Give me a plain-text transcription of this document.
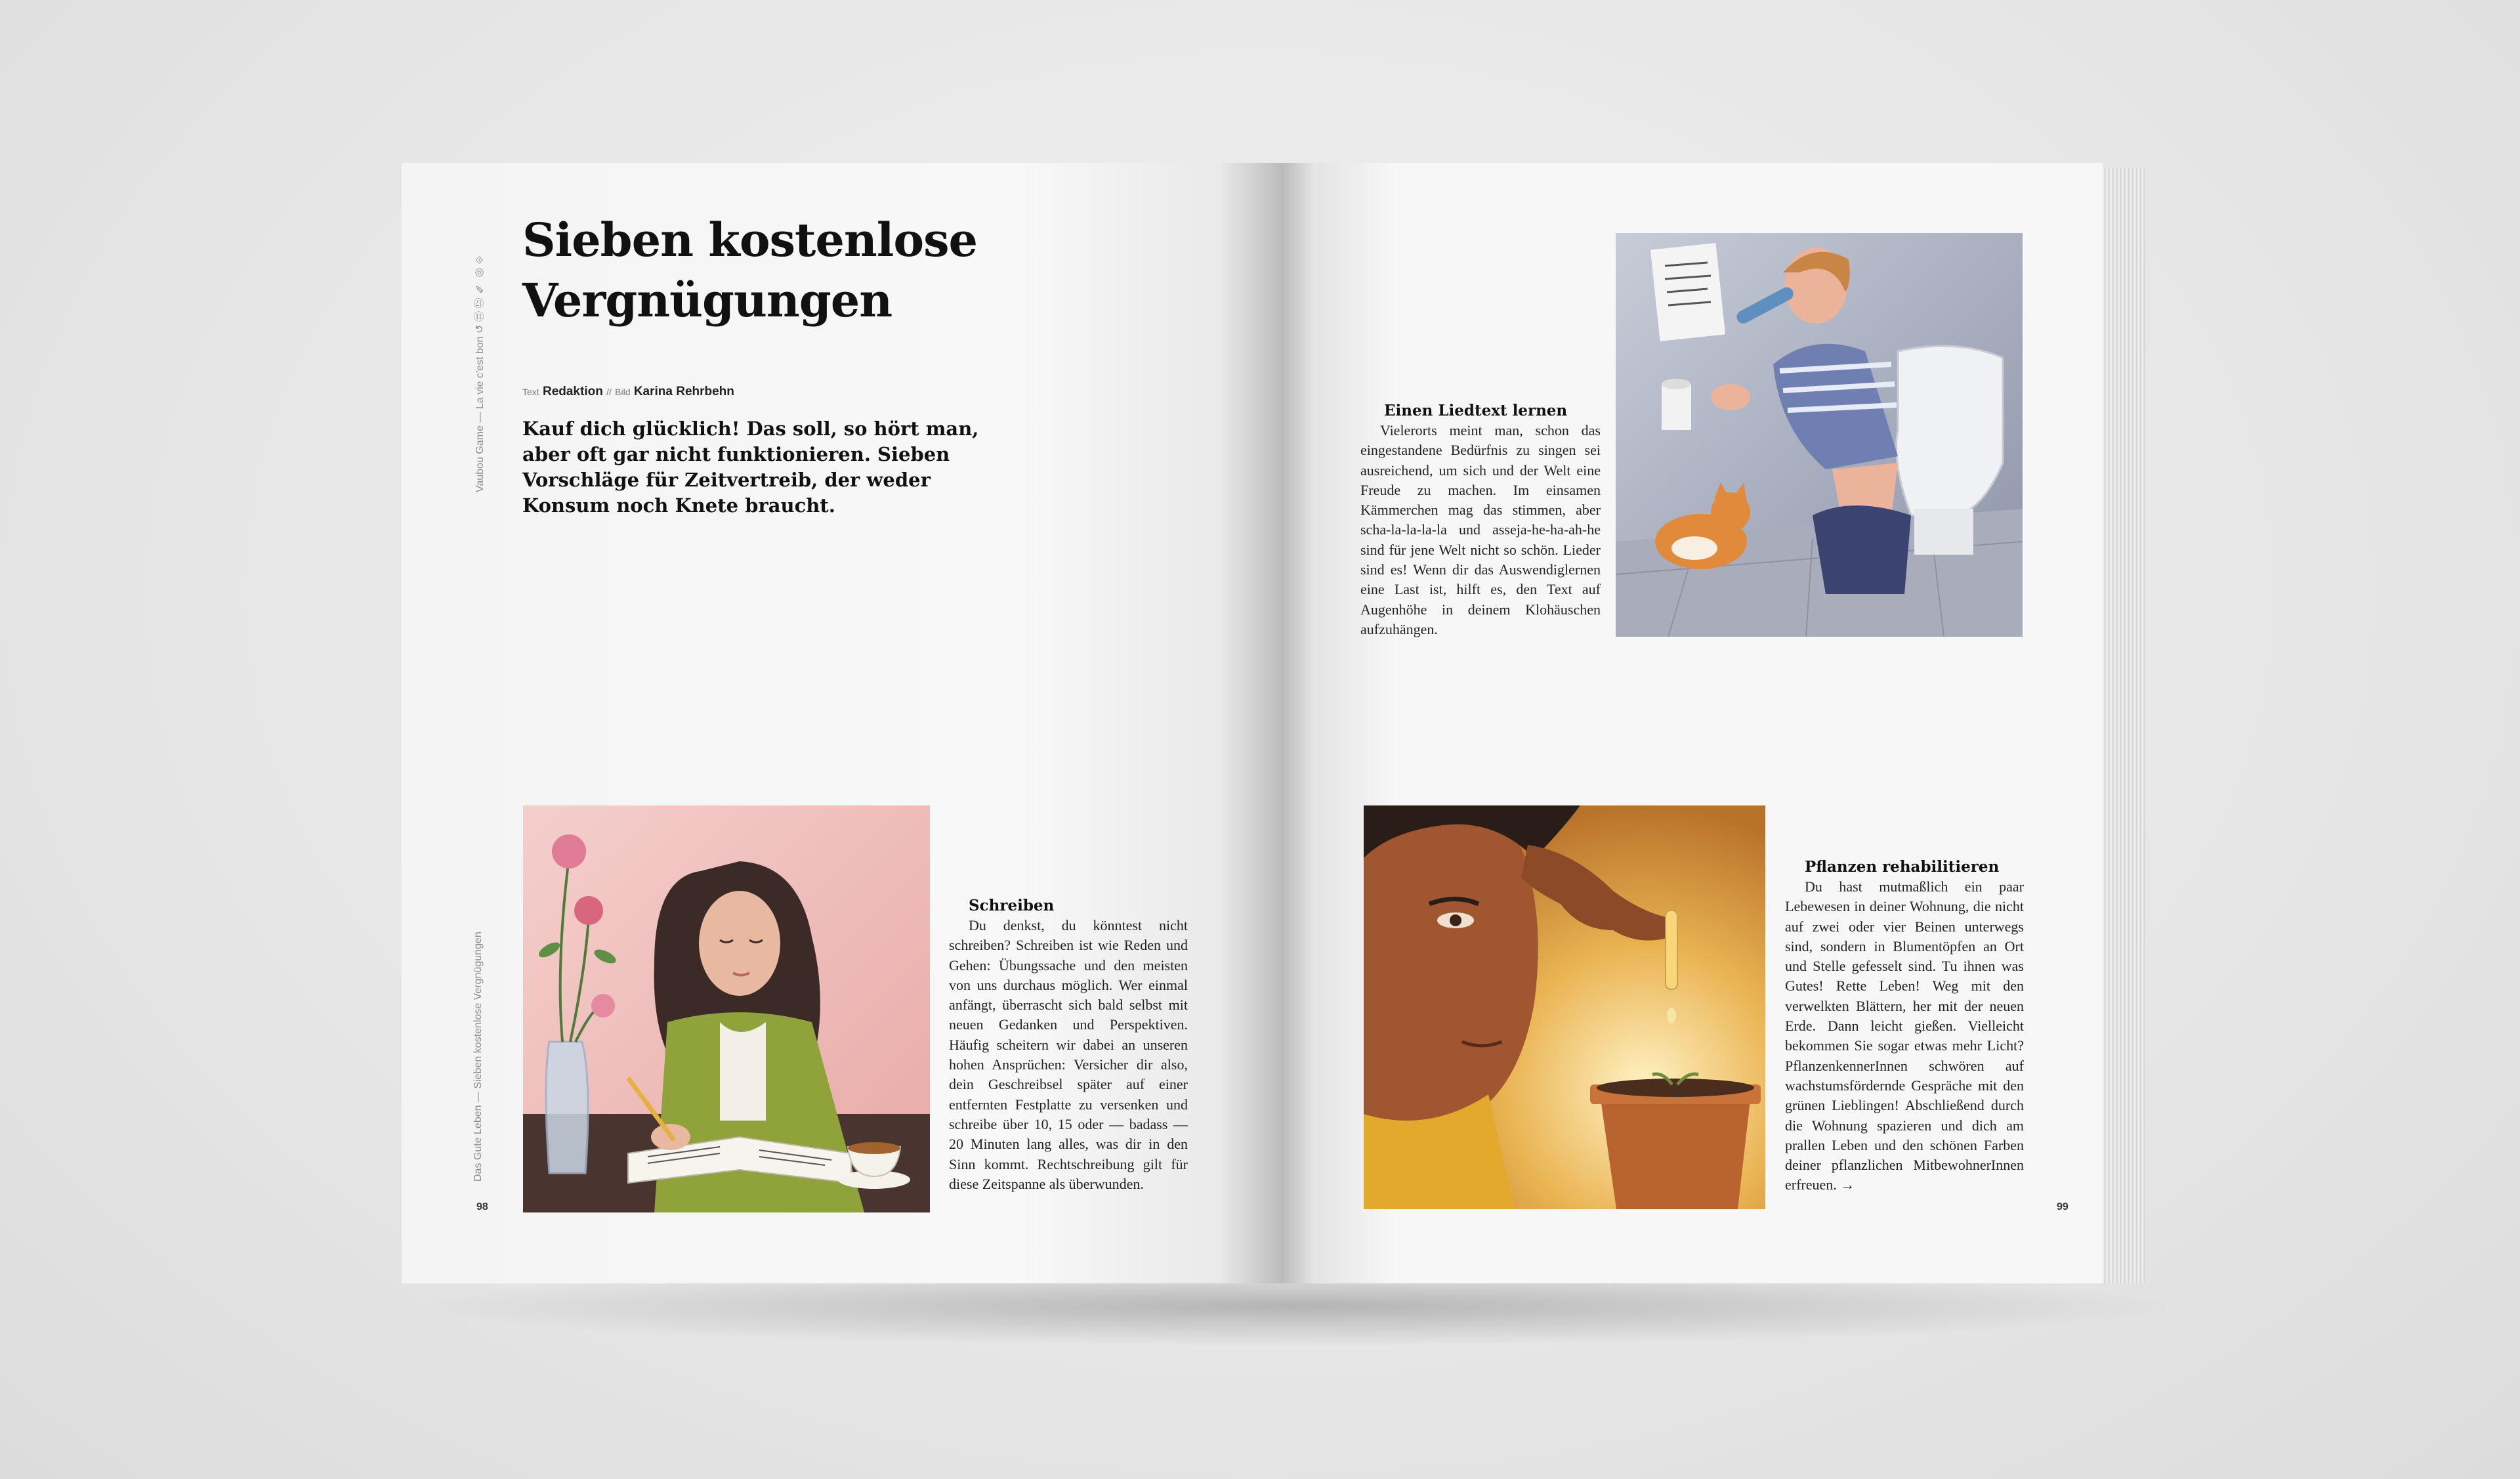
Vaubou Game — La vie c'est bon ↺ ⑪ ⑰ ✎ ◎ ⟐
Das Gute Leben — Sieben kostenlose Vergnügungen
98
Sieben kostenlose
Vergnügungen
Text Redaktion // Bild Karina Rehrbehn
Kauf dich glücklich! Das soll, so hört man, aber oft gar nicht funktionieren. Sieben Vorschläge für Zeitvertreib, der weder Konsum noch Knete braucht.
Schreiben
Du denkst, du könntest nicht schreiben? Schreiben ist wie Reden und Gehen: Übungssache und den meisten von uns durchaus möglich. Wer einmal anfängt, überrascht sich bald selbst mit neuen Gedanken und Perspektiven. Häufig scheitern wir dabei an unseren hohen Ansprüchen: Versicher dir also, dein Geschreibsel später auf einer entfernten Festplatte zu versenken und schreibe über 10, 15 oder — badass — 20 Minuten lang alles, was dir in den Sinn kommt. Rechtschreibung gilt für diese Zeitspanne als überwunden.
Einen Liedtext lernen
Vielerorts meint man, schon das eingestandene Bedürfnis zu singen sei ausreichend, um sich und der Welt eine Freude zu machen. Im einsamen Kämmerchen mag das stimmen, aber scha-la-la-la-la und asseja-he-ha-ah-he sind für jene Welt nicht so schön. Lieder sind es! Wenn dir das Auswendiglernen eine Last ist, hilft es, den Text auf Augenhöhe in deinem Klohäuschen aufzuhängen.
Pflanzen rehabilitieren
Du hast mutmaßlich ein paar Lebewesen in deiner Wohnung, die nicht auf zwei oder vier Beinen unterwegs sind, sondern in Blumentöpfen an Ort und Stelle gefesselt sind. Tu ihnen was Gutes! Rette Leben! Weg mit den verwelkten Blättern, her mit der neuen Erde. Dann leicht gießen. Vielleicht bekommen Sie sogar etwas mehr Licht? PflanzenkennerInnen schwören auf wachstumsfördernde Gespräche mit den grünen Lieblingen! Abschließend durch die Wohnung spazieren und dich am prallen Leben und den schönen Farben deiner pflanzlichen MitbewohnerInnen erfreuen. →
99
